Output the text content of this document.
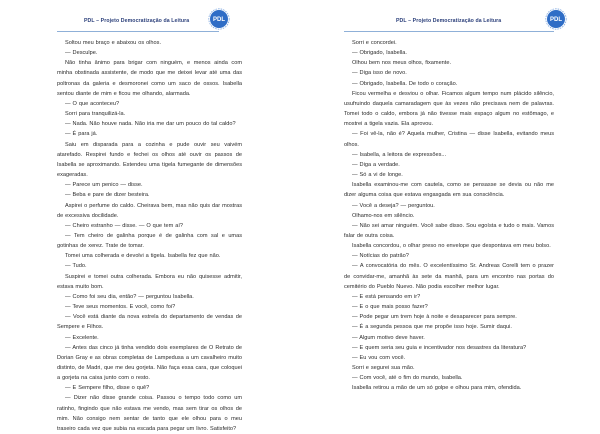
PDL – Projeto Democratização da Leitura	PDL

Soltou meu braço e abaixou os olhos.

— Desculpe.

Não tinha ânimo para brigar com ninguém, e menos ainda com minha obstinada assistente, de modo que me deixei levar até uma das poltronas da galeria e desmoronei como um saco de ossos. Isabella sentou diante de mim e ficou me olhando, alarmada.

— O que aconteceu?

Sorri para tranquilizá-la.

— Nada. Não houve nada. Não iria me dar um pouco do tal caldo?

— É para já.

Saiu em disparada para a cozinha e pude ouvir seu vaivém atarefado. Respirei fundo e fechei os olhos até ouvir os passos de Isabella se aproximando. Estendeu uma tigela fumegante de dimensões exageradas.

— Parece um penico — disse.

— Beba e pare de dizer besteira.

Aspirei o perfume do caldo. Cheirava bem, mas não quis dar mostras de excessiva docilidade.

— Cheiro estranho — disse. — O que tem aí?

— Tem cheiro de galinha porque é de galinha com sal e umas gotinhas de xerez. Trate de tomar.

Tomei uma colherada e devolvi a tigela. Isabella fez que não.

— Tudo.

Suspirei e tomei outra colherada. Embora eu não quisesse admitir, estava muito bom.

— Como foi seu dia, então? — perguntou Isabella.

— Teve seus momentos. E você, como foi?

— Você está diante da nova estrela do departamento de vendas de Sempere e Filhos.

— Excelente.

— Antes das cinco já tinha vendido dois exemplares de O Retrato de Dorian Gray e as obras completas de Lampedusa a um cavalheiro muito distinto, de Madri, que me deu gorjeta. Não faça essa cara, que coloquei a gorjeta na caixa junto com o resto.

— E Sempere filho, disse o quê?

— Dizer não disse grande coisa. Passou o tempo todo como um ratinho, fingindo que não estava me vendo, mas sem tirar os olhos de mim. Não consigo nem sentar de tanto que ele olhou para o meu traseiro cada vez que subia na escada para pegar um livro. Satisfeito?

PDL – Projeto Democratização da Leitura	PDL

Sorri e concordei.

— Obrigado, Isabella.

Olhou bem nos meus olhos, fixamente.

— Diga isso de novo.

— Obrigado, Isabella. De todo o coração.

Ficou vermelha e desviou o olhar. Ficamos algum tempo num plácido silêncio, usufruindo daquela camaradagem que às vezes não precisava nem de palavras. Tomei todo o caldo, embora já não tivesse mais espaço algum no estômago, e mostrei a tigela vazia. Ela aprovou.

— Foi vê-la, não é? Aquela mulher, Cristina — disse Isabella, evitando meus olhos.

— Isabella, a leitora de expressões...

— Diga a verdade.

— Só a vi de longe.

Isabella examinou-me com cautela, como se pensasse se devia ou não me dizer alguma coisa que estava engasgada em sua consciência.

— Você a deseja? — perguntou.

Olhamo-nos em silêncio.

— Não sei amar ninguém. Você sabe disso. Sou egoísta e tudo o mais. Vamos falar de outra coisa.

Isabella concordou, o olhar preso no envelope que despontava em meu bolso.

— Notícias do patrão?

— A convocatória do mês. O excelentíssimo Sr. Andreas Corelli tem o prazer de convidar-me, amanhã às sete da manhã, para um encontro nas portas do cemitério do Pueblo Nuevo. Não podia escolher melhor lugar.

— E está pensando em ir?

— E o que mais posso fazer?

— Pode pegar um trem hoje à noite e desaparecer para sempre.

— É a segunda pessoa que me propõe isso hoje. Sumir daqui.

— Algum motivo deve haver.

— E quem seria seu guia e incentivador nos desastres da literatura?

— Eu vou com você.

Sorri e segurei sua mão.

— Com você, até o fim do mundo, Isabella.

Isabella retirou a mão de um só golpe e olhou para mim, ofendida.
